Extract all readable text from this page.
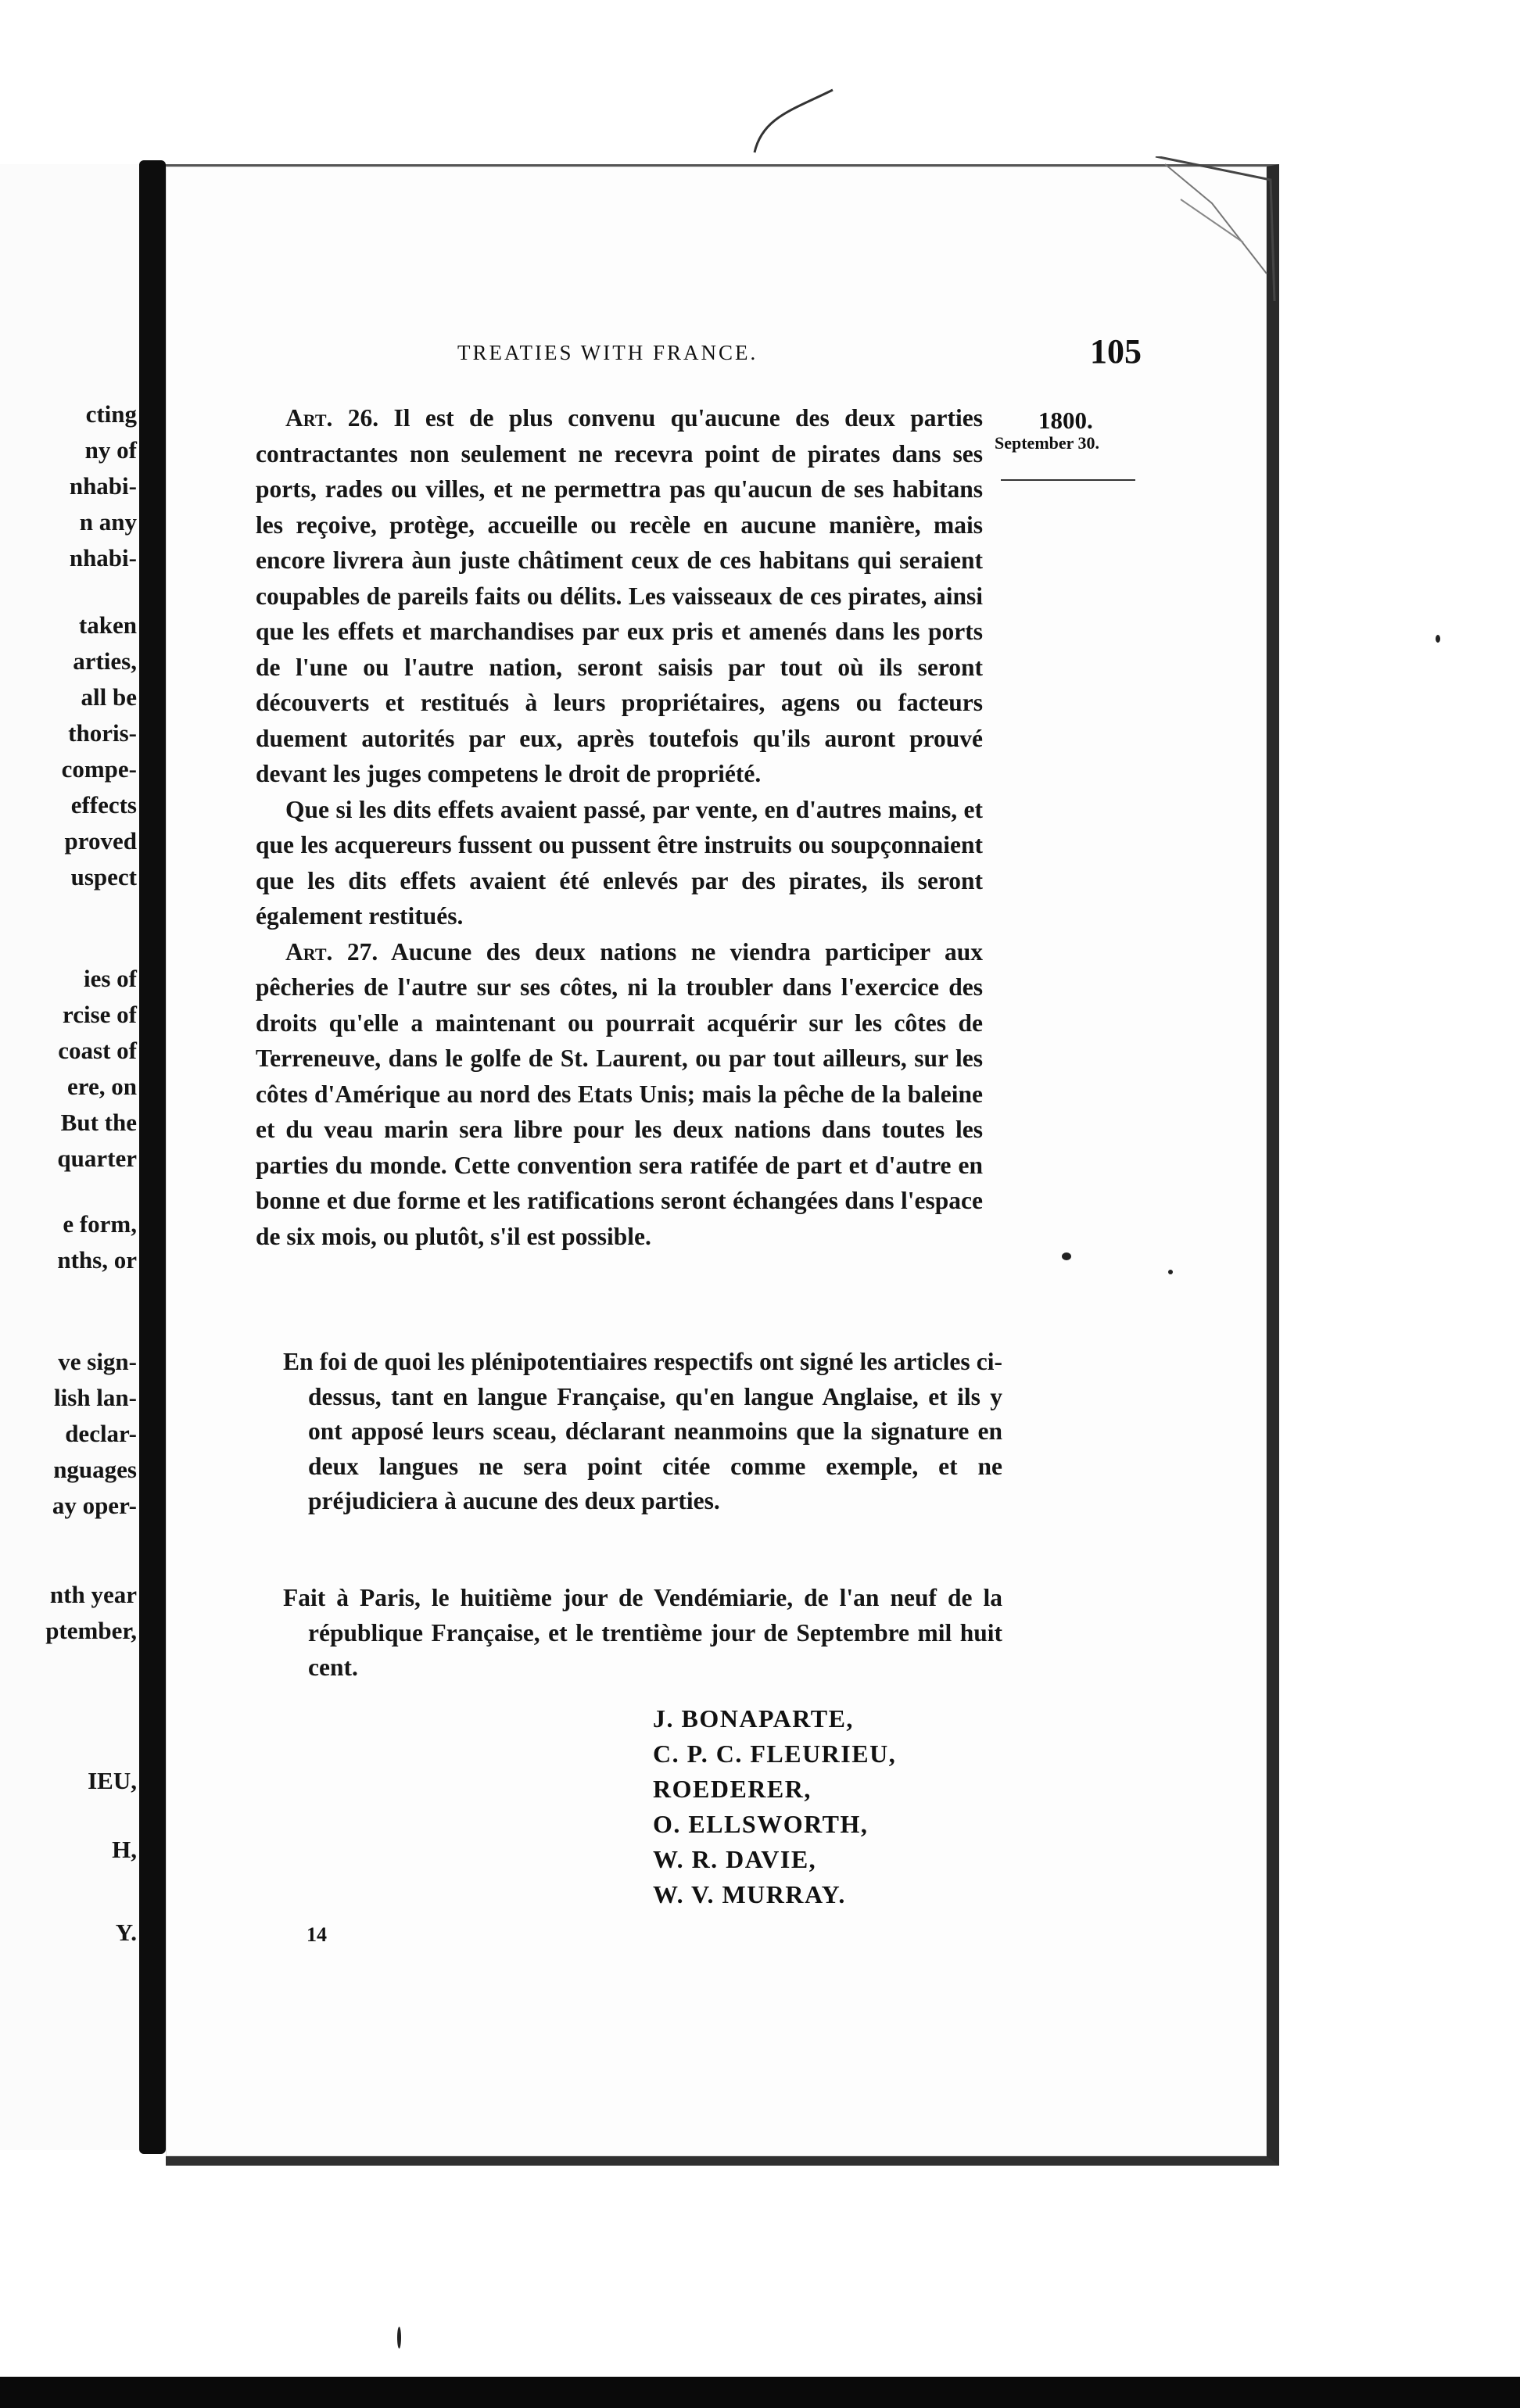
cting
ny of
nhabi-
n any
nhabi-
taken
arties,
all be
thoris-
compe-
effects
proved
uspect
ies of
rcise of
coast of
ere, on
But the
quarter
e form,
nths, or
ve sign-
lish lan-
declar-
nguages
ay oper-
nth year
ptember,
IEU,
H,
Y.
TREATIES WITH FRANCE.	105
1800.
September 30.

Art. 26. Il est de plus convenu qu'aucune des deux parties contractantes non seulement ne recevra point de pirates dans ses ports, rades ou villes, et ne permettra pas qu'aucun de ses habitans les reçoive, protège, accueille ou recèle en aucune manière, mais encore livrera àun juste châtiment ceux de ces habitans qui seraient coupables de pareils faits ou délits. Les vaisseaux de ces pirates, ainsi que les effets et marchandises par eux pris et amenés dans les ports de l'une ou l'autre nation, seront saisis par tout où ils seront découverts et restitués à leurs propriétaires, agens ou facteurs duement autorités par eux, après toutefois qu'ils auront prouvé devant les juges competens le droit de propriété.

Que si les dits effets avaient passé, par vente, en d'autres mains, et que les acquereurs fussent ou pussent être instruits ou soupçonnaient que les dits effets avaient été enlevés par des pirates, ils seront également restitués.

Art. 27. Aucune des deux nations ne viendra participer aux pêcheries de l'autre sur ses côtes, ni la troubler dans l'exercice des droits qu'elle a maintenant ou pourrait acquérir sur les côtes de Terreneuve, dans le golfe de St. Laurent, ou par tout ailleurs, sur les côtes d'Amérique au nord des Etats Unis; mais la pêche de la baleine et du veau marin sera libre pour les deux nations dans toutes les parties du monde. Cette convention sera ratifée de part et d'autre en bonne et due forme et les ratifications seront échangées dans l'espace de six mois, ou plutôt, s'il est possible.

En foi de quoi les plénipotentiaires respectifs ont signé les articles ci-dessus, tant en langue Française, qu'en langue Anglaise, et ils y ont apposé leurs sceau, déclarant neanmoins que la signature en deux langues ne sera point citée comme exemple, et ne préjudiciera à aucune des deux parties.
Fait à Paris, le huitième jour de Vendémiarie, de l'an neuf de la république Française, et le trentième jour de Septembre mil huit cent.
J. BONAPARTE,
C. P. C. FLEURIEU,
ROEDERER,
O. ELLSWORTH,
W. R. DAVIE,
W. V. MURRAY.
14
